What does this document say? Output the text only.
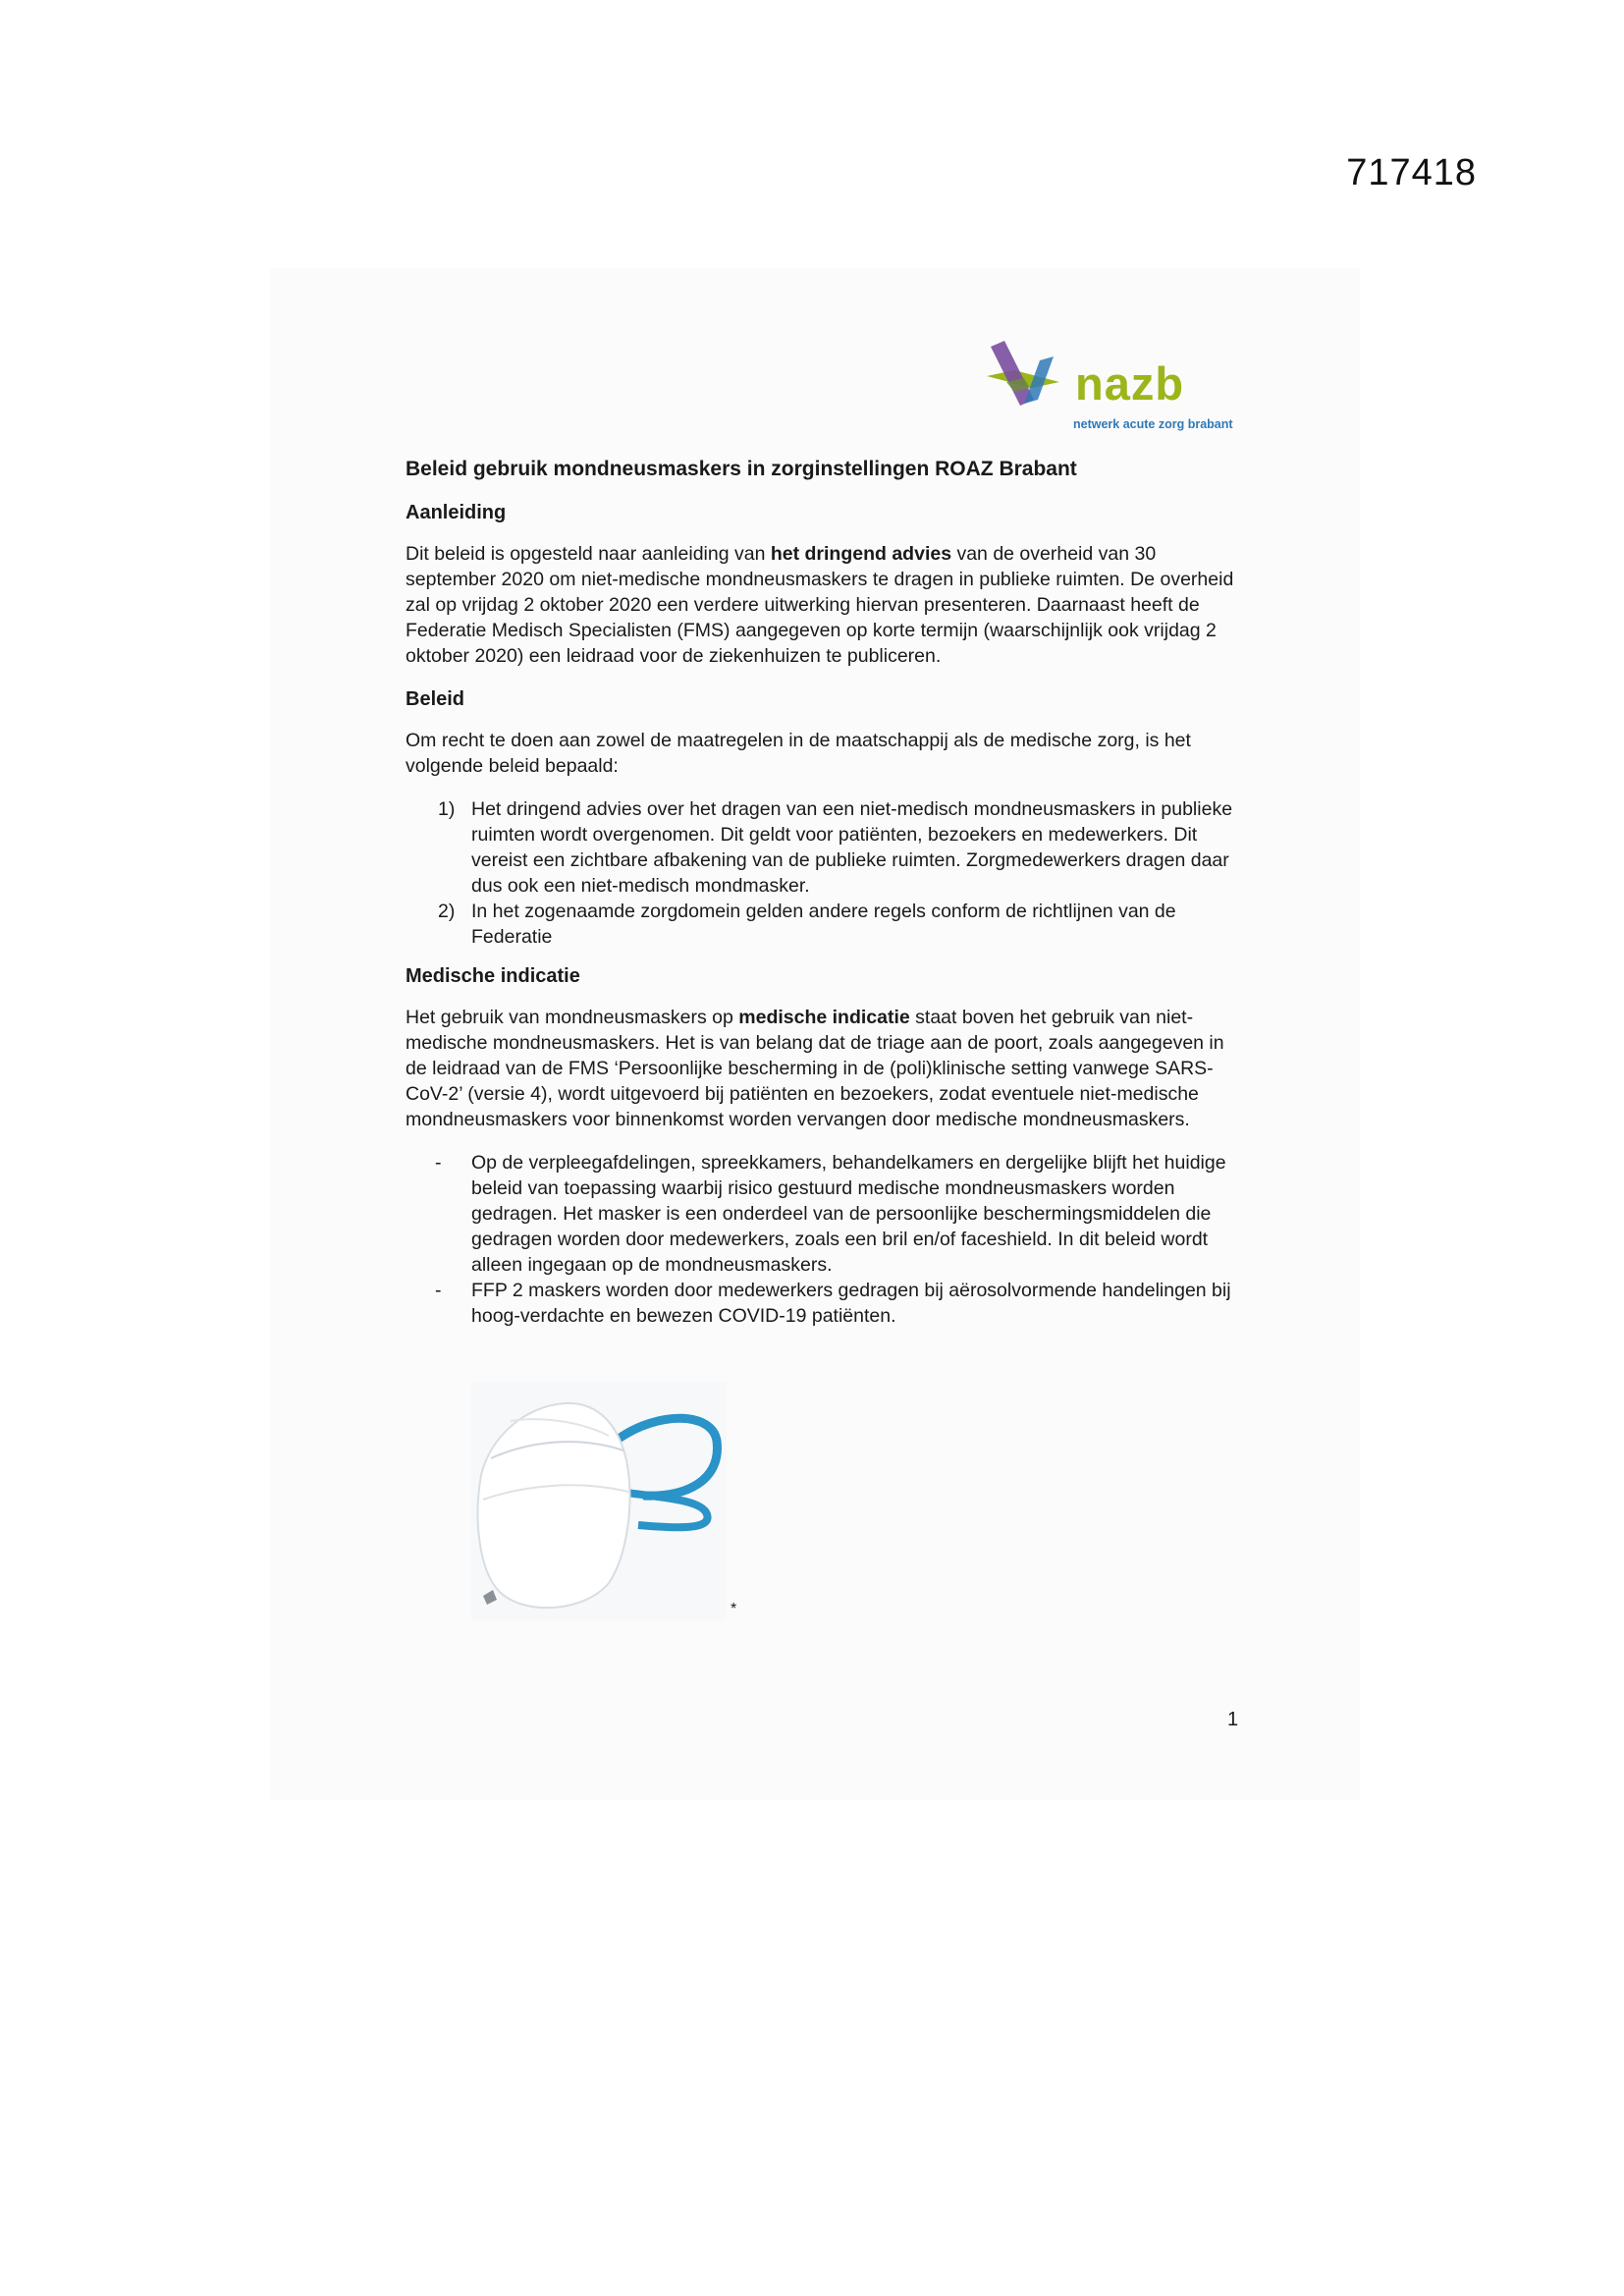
717418
nazb
netwerk acute zorg brabant
Beleid gebruik mondneusmaskers in zorginstellingen ROAZ Brabant
Aanleiding
Dit beleid is opgesteld naar aanleiding van het dringend advies van de overheid van 30 september 2020 om niet-medische mondneusmaskers te dragen in publieke ruimten. De overheid zal op vrijdag 2 oktober 2020 een verdere uitwerking hiervan presenteren. Daarnaast heeft de Federatie Medisch Specialisten (FMS) aangegeven op korte termijn (waarschijnlijk ook vrijdag 2 oktober 2020) een leidraad voor de ziekenhuizen te publiceren.
Beleid
Om recht te doen aan zowel de maatregelen in de maatschappij als de medische zorg, is het volgende beleid bepaald:
1) Het dringend advies over het dragen van een niet-medisch mondneusmaskers in publieke ruimten wordt overgenomen. Dit geldt voor patiënten, bezoekers en medewerkers. Dit vereist een zichtbare afbakening van de publieke ruimten. Zorgmedewerkers dragen daar dus ook een niet-medisch mondmasker.
2) In het zogenaamde zorgdomein gelden andere regels conform de richtlijnen van de Federatie
Medische indicatie
Het gebruik van mondneusmaskers op medische indicatie staat boven het gebruik van niet-medische mondneusmaskers. Het is van belang dat de triage aan de poort, zoals aangegeven in de leidraad van de FMS ‘Persoonlijke bescherming in de (poli)klinische setting vanwege SARS-CoV-2’ (versie 4), wordt uitgevoerd bij patiënten en bezoekers, zodat eventuele niet-medische mondneusmaskers voor binnenkomst worden vervangen door medische mondneusmaskers.
- Op de verpleegafdelingen, spreekkamers, behandelkamers en dergelijke blijft het huidige beleid van toepassing waarbij risico gestuurd medische mondneusmaskers worden gedragen. Het masker is een onderdeel van de persoonlijke beschermingsmiddelen die gedragen worden door medewerkers, zoals een bril en/of faceshield. In dit beleid wordt alleen ingegaan op de mondneusmaskers.
- FFP 2 maskers worden door medewerkers gedragen bij aërosolvormende handelingen bij hoog-verdachte en bewezen COVID-19 patiënten.
*
1
